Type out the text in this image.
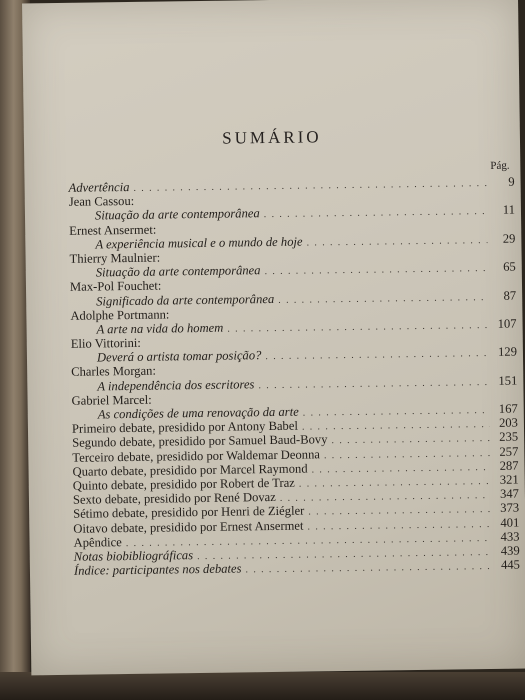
SUMÁRIO
Pág.
Advertência . . .	9
Jean Cassou:
Situação da arte contemporânea . . .	11
Ernest Ansermet:
A experiência musical e o mundo de hoje . . .	29
Thierry Maulnier:
Situação da arte contemporânea . . .	65
Max-Pol Fouchet:
Significado da arte contemporânea . . .	87
Adolphe Portmann:
A arte na vida do homem . . .	107
Elio Vittorini:
Deverá o artista tomar posição? . . .	129
Charles Morgan:
A independência dos escritores . . .	151
Gabriel Marcel:
As condições de uma renovação da arte . . .	167
Primeiro debate, presidido por Antony Babel . . .	203
Segundo debate, presidido por Samuel Baud-Bovy . . .	235
Terceiro debate, presidido por Waldemar Deonna . . .	257
Quarto debate, presidido por Marcel Raymond . . .	287
Quinto debate, presidido por Robert de Traz . . .	321
Sexto debate, presidido por René Dovaz . . .	347
Sétimo debate, presidido por Henri de Ziégler . . .	373
Oitavo debate, presidido por Ernest Ansermet . . .	401
Apêndice . . .	433
Notas biobibliográficas . . .	439
Índice: participantes nos debates . . .	445
